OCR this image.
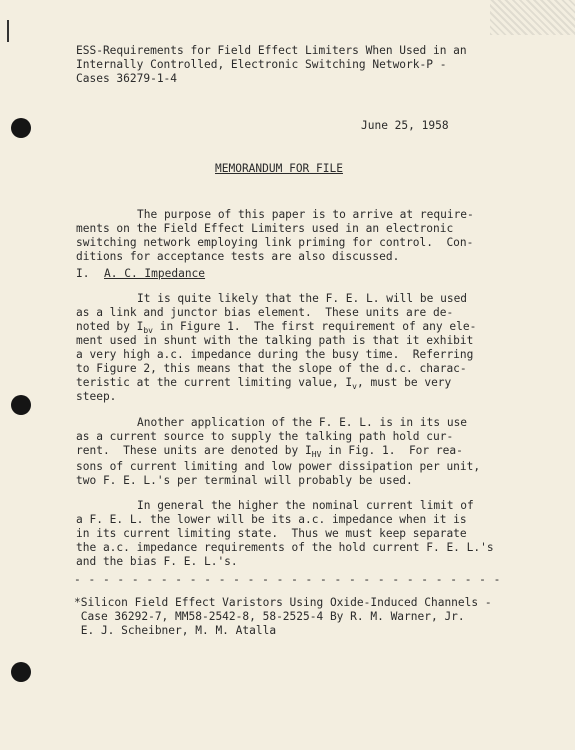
ESS-Requirements for Field Effect Limiters When Used in an
Internally Controlled, Electronic Switching Network-P -
Cases 36279-1-4
June 25, 1958
MEMORANDUM FOR FILE
The purpose of this paper is to arrive at require-
ments on the Field Effect Limiters used in an electronic
switching network employing link priming for control.  Con-
ditions for acceptance tests are also discussed.
I. A. C. Impedance
It is quite likely that the F. E. L. will be used
as a link and junctor bias element.  These units are de-
noted by $I_{bv}$ in Figure 1.  The first requirement of any ele-
ment used in shunt with the talking path is that it exhibit
a very high a.c. impedance during the busy time.  Referring
to Figure 2, this means that the slope of the d.c. charac-
teristic at the current limiting value, $I_v$, must be very
steep.
Another application of the F. E. L. is in its use
as a current source to supply the talking path hold cur-
rent.  These units are denoted by $I_{HV}$ in Fig. 1.  For rea-
sons of current limiting and low power dissipation per unit,
two F. E. L.'s per terminal will probably be used.
In general the higher the nominal current limit of
a F. E. L. the lower will be its a.c. impedance when it is
in its current limiting state.  Thus we must keep separate
the a.c. impedance requirements of the hold current F. E. L.'s
and the bias F. E. L.'s.
- - - - - - - - - - - - - - - - - - - - - - - - - - - - - -
*Silicon Field Effect Varistors Using Oxide-Induced Channels -
Case 36292-7, MM58-2542-8, 58-2525-4 By R. M. Warner, Jr.
E. J. Scheibner, M. M. Atalla
